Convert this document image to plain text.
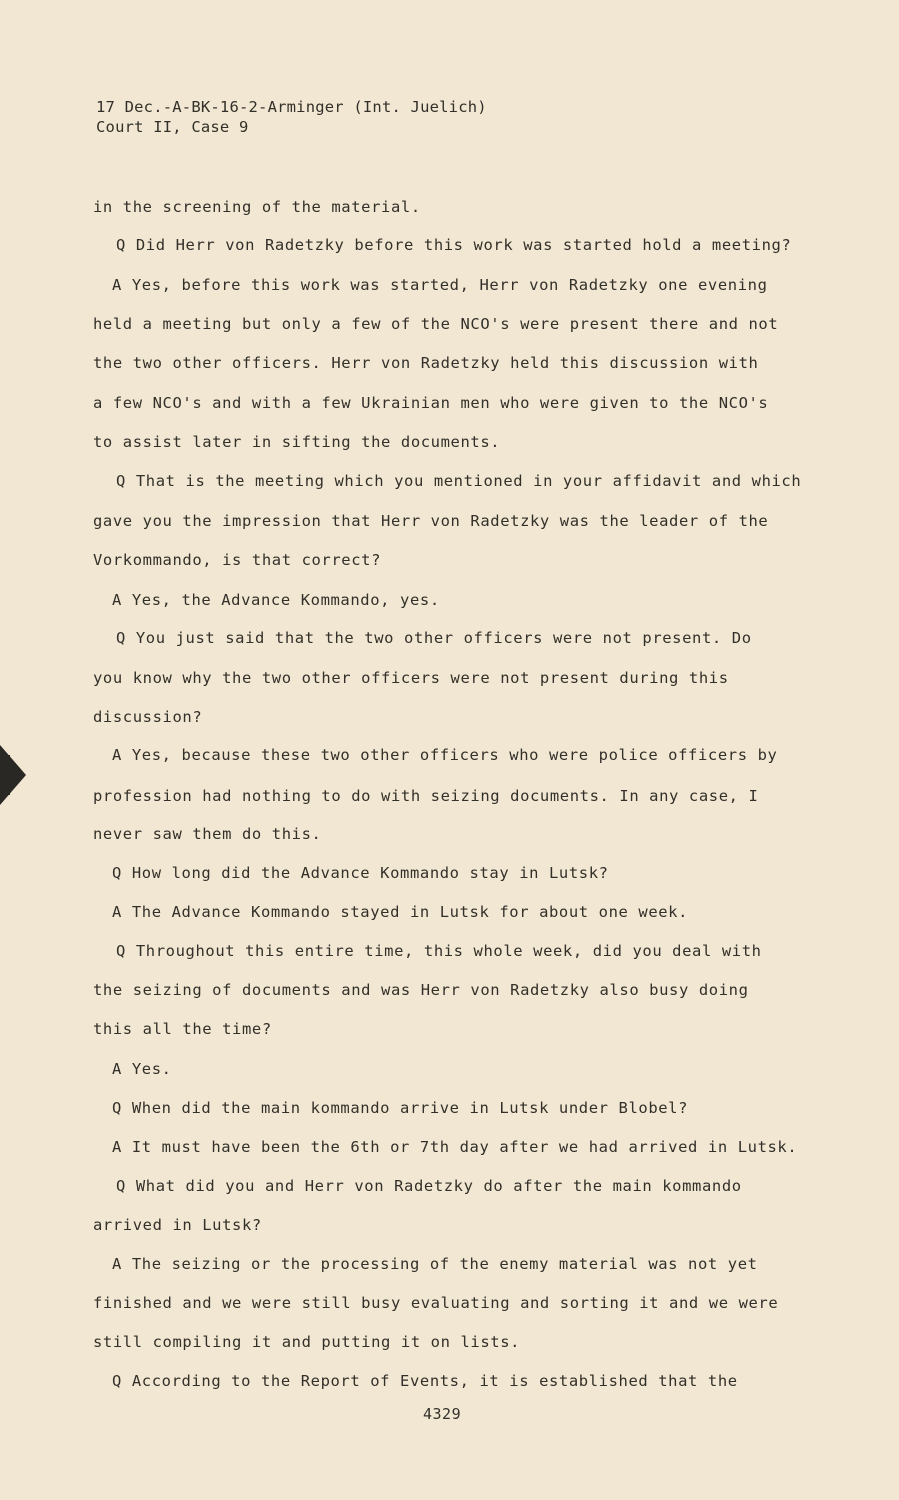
17 Dec.-A-BK-16-2-Arminger (Int. Juelich)
Court II, Case 9
in the screening of the material.
Q Did Herr von Radetzky before this work was started hold a meeting?
A Yes, before this work was started, Herr von Radetzky one evening
held a meeting but only a few of the NCO's were present there and not
the two other officers. Herr von Radetzky held this discussion with
a few NCO's and with a few Ukrainian men who were given to the NCO's
to assist later in sifting the documents.
Q That is the meeting which you mentioned in your affidavit and which
gave you the impression that Herr von Radetzky was the leader of the
Vorkommando, is that correct?
A Yes, the Advance Kommando, yes.
Q You just said that the two other officers were not present. Do
you know why the two other officers were not present during this
discussion?
A Yes, because these two other officers who were police officers by
profession had nothing to do with seizing documents. In any case, I
never saw them do this.
Q How long did the Advance Kommando stay in Lutsk?
A The Advance Kommando stayed in Lutsk for about one week.
Q Throughout this entire time, this whole week, did you deal with
the seizing of documents and was Herr von Radetzky also busy doing
this all the time?
A Yes.
Q When did the main kommando arrive in Lutsk under Blobel?
A It must have been the 6th or 7th day after we had arrived in Lutsk.
Q What did you and Herr von Radetzky do after the main kommando
arrived in Lutsk?
A The seizing or the processing of the enemy material was not yet
finished and we were still busy evaluating and sorting it and we were
still compiling it and putting it on lists.
Q According to the Report of Events, it is established that the
4329
